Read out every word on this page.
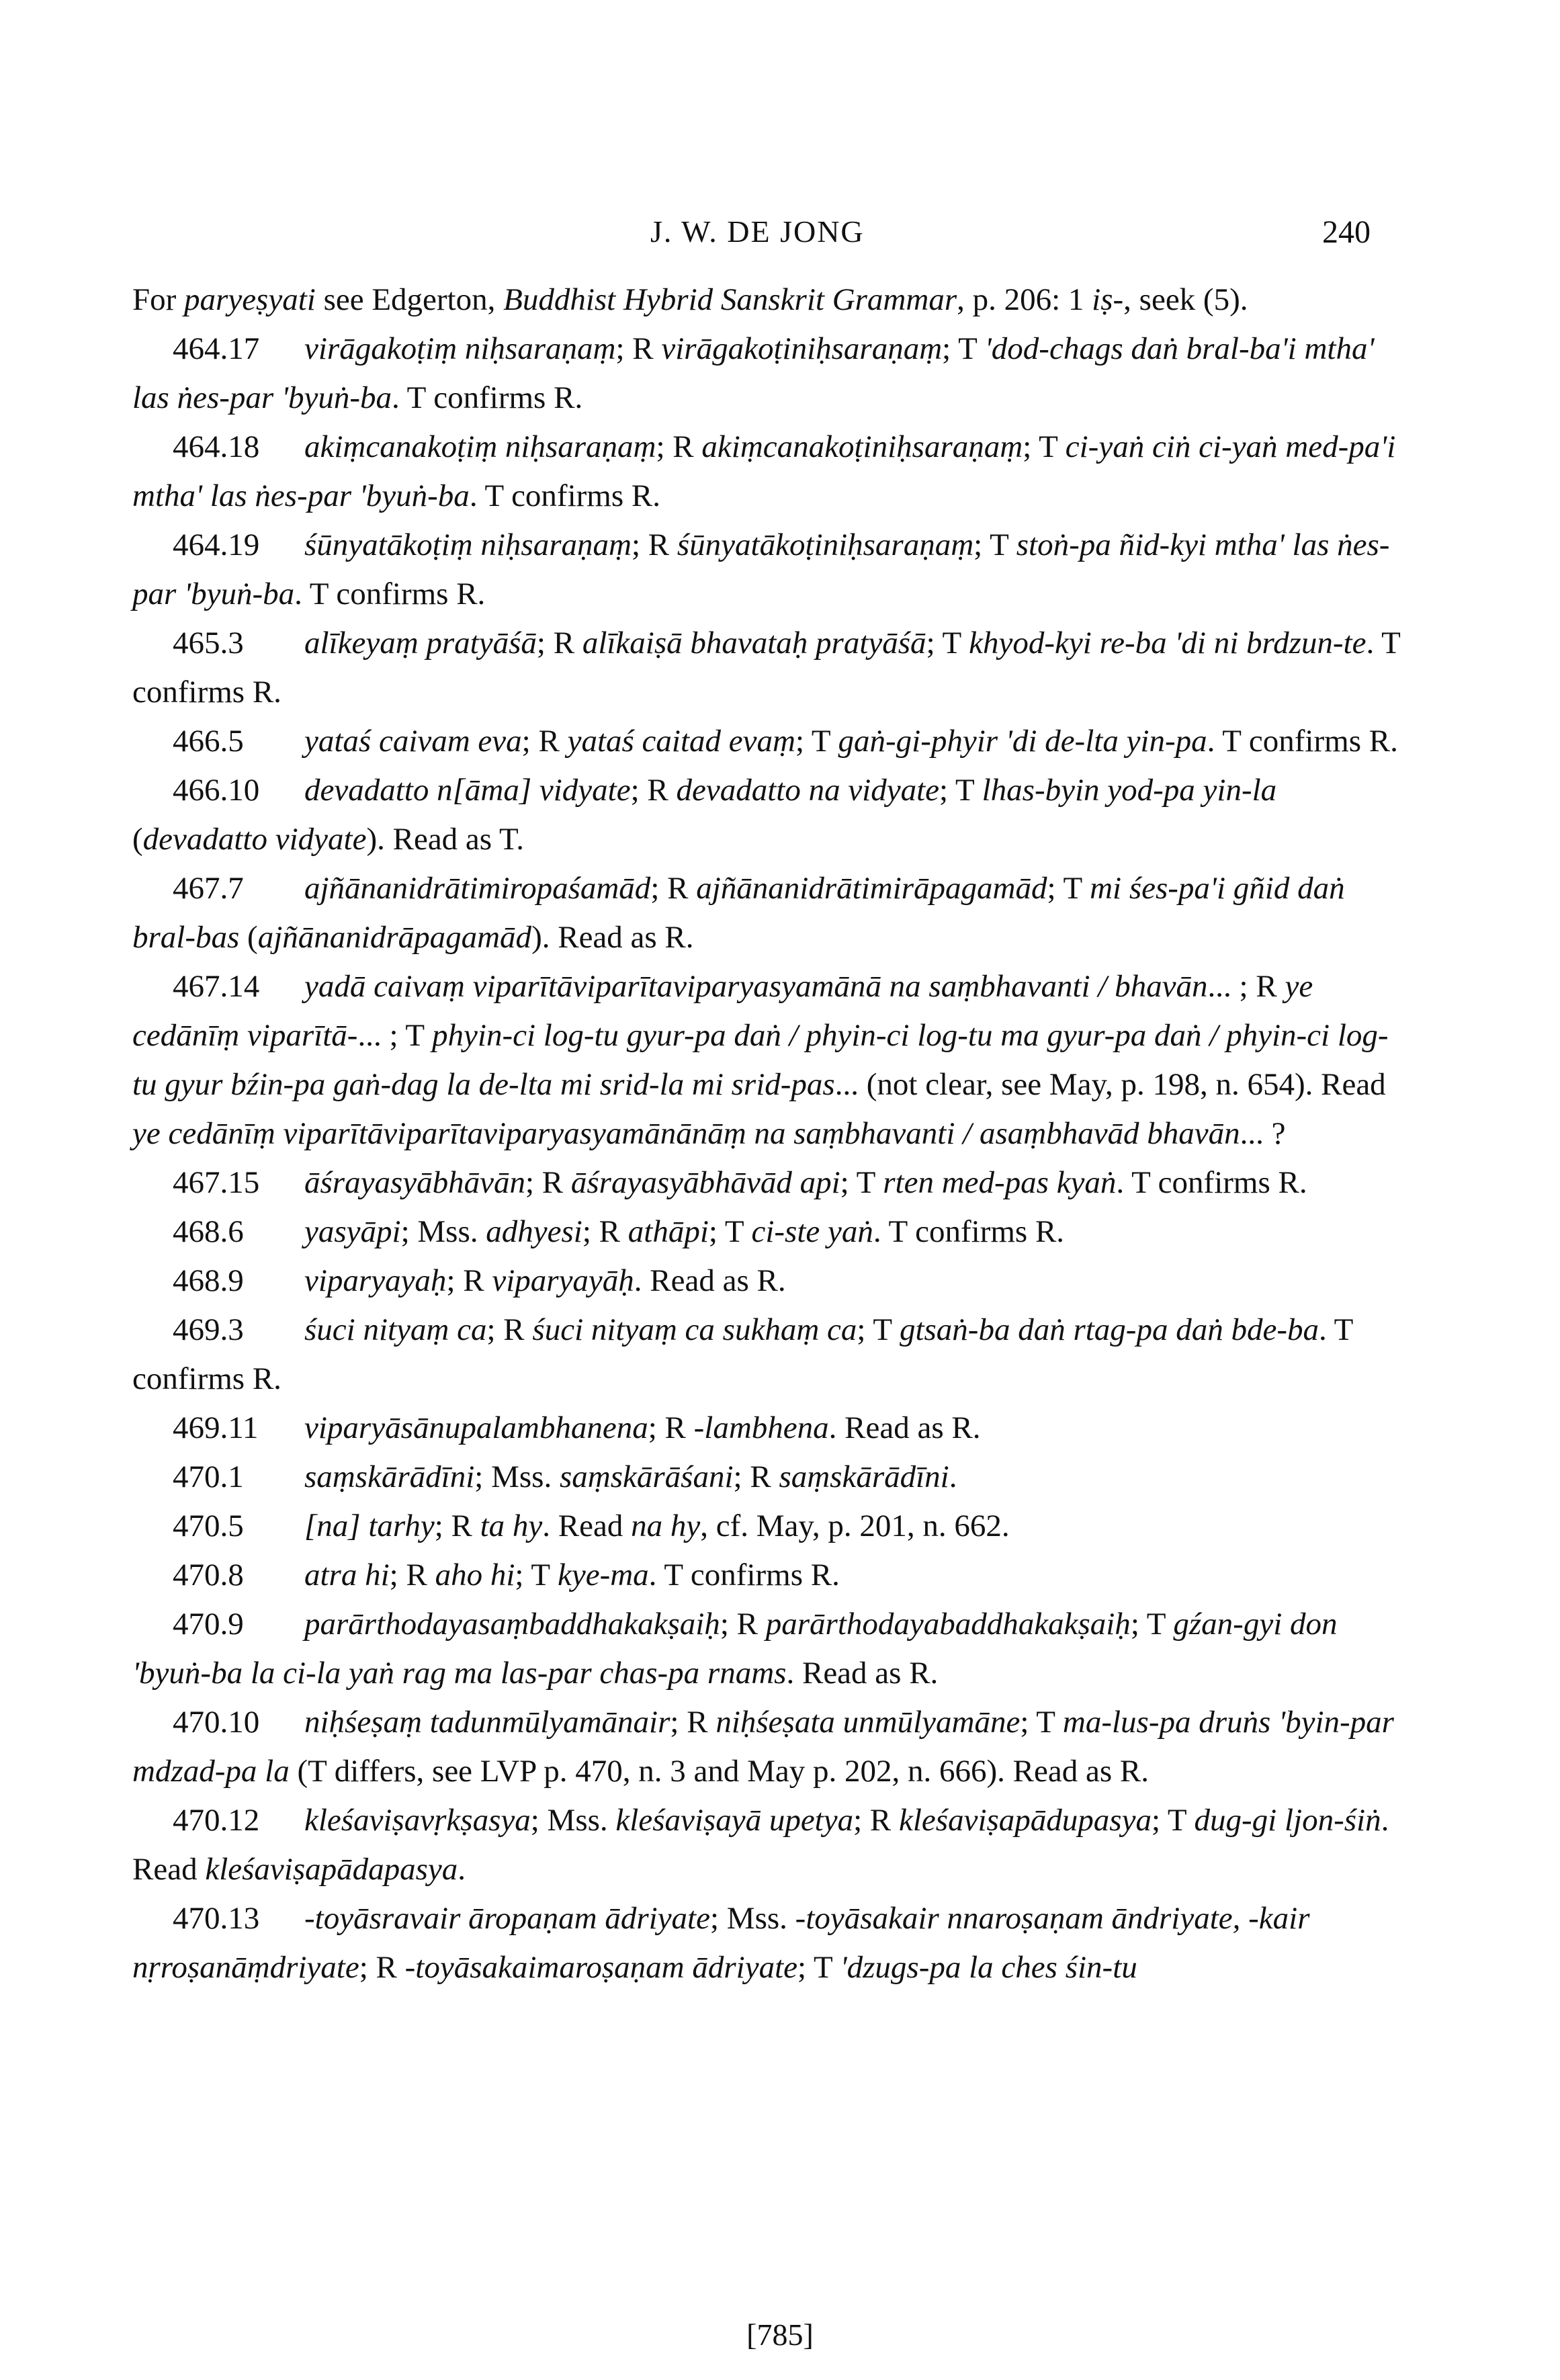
J. W. DE JONG	240

For paryeṣyati see Edgerton, Buddhist Hybrid Sanskrit Grammar, p. 206: 1 iṣ-, seek (5).

464.17 virāgakoṭiṃ niḥsaraṇaṃ; R virāgakoṭiniḥsaraṇaṃ; T 'dod-chags daṅ bral-ba'i mtha' las ṅes-par 'byuṅ-ba. T confirms R.

464.18 akiṃcanakoṭiṃ niḥsaraṇaṃ; R akiṃcanakoṭiniḥsaraṇaṃ; T ci-yaṅ ciṅ ci-yaṅ med-pa'i mtha' las ṅes-par 'byuṅ-ba. T confirms R.

464.19 śūnyatākoṭiṃ niḥsaraṇaṃ; R śūnyatākoṭiniḥsaraṇaṃ; T stoṅ-pa ñid-kyi mtha' las ṅes-par 'byuṅ-ba. T confirms R.

465.3 alīkeyaṃ pratyāśā; R alīkaiṣā bhavataḥ pratyāśā; T khyod-kyi re-ba 'di ni brdzun-te. T confirms R.

466.5 yataś caivam eva; R yataś caitad evaṃ; T gaṅ-gi-phyir 'di de-lta yin-pa. T confirms R.

466.10 devadatto n[āma] vidyate; R devadatto na vidyate; T lhas-byin yod-pa yin-la (devadatto vidyate). Read as T.

467.7 ajñānanidrātimiropaśamād; R ajñānanidrātimirāpagamād; T mi śes-pa'i gñid daṅ bral-bas (ajñānanidrāpagamād). Read as R.

467.14 yadā caivaṃ viparītāviparītaviparyasyamānā na saṃbhavanti / bhavān... ; R ye cedānīṃ viparītā-... ; T phyin-ci log-tu gyur-pa daṅ / phyin-ci log-tu ma gyur-pa daṅ / phyin-ci log-tu gyur bźin-pa gaṅ-dag la de-lta mi srid-la mi srid-pas... (not clear, see May, p. 198, n. 654). Read ye cedānīṃ viparītāviparītaviparyasyamānānāṃ na saṃbhavanti / asaṃbhavād bhavān... ?

467.15 āśrayasyābhāvān; R āśrayasyābhāvād api; T rten med-pas kyaṅ. T confirms R.

468.6 yasyāpi; Mss. adhyesi; R athāpi; T ci-ste yaṅ. T confirms R.

468.9 viparyayaḥ; R viparyayāḥ. Read as R.

469.3 śuci nityaṃ ca; R śuci nityaṃ ca sukhaṃ ca; T gtsaṅ-ba daṅ rtag-pa daṅ bde-ba. T confirms R.

469.11 viparyāsānupalambhanena; R -lambhena. Read as R.

470.1 saṃskārādīni; Mss. saṃskārāśani; R saṃskārādīni.

470.5 [na] tarhy; R ta hy. Read na hy, cf. May, p. 201, n. 662.

470.8 atra hi; R aho hi; T kye-ma. T confirms R.

470.9 parārthodayasaṃbaddhakakṣaiḥ; R parārthodayabaddhakakṣaiḥ; T gźan-gyi don 'byuṅ-ba la ci-la yaṅ rag ma las-par chas-pa rnams. Read as R.

470.10 niḥśeṣaṃ tadunmūlyamānair; R niḥśeṣata unmūlyamāne; T ma-lus-pa druṅs 'byin-par mdzad-pa la (T differs, see LVP p. 470, n. 3 and May p. 202, n. 666). Read as R.

470.12 kleśaviṣavṛkṣasya; Mss. kleśaviṣayā upetya; R kleśaviṣapādupasya; T dug-gi ljon-śiṅ. Read kleśaviṣapādapasya.

470.13 -toyāsravair āropaṇam ādriyate; Mss. -toyāsakair nnaroṣaṇam āndriyate, -kair nṛroṣanāṃdriyate; R -toyāsakaimaroṣaṇam ādriyate; T 'dzugs-pa la ches śin-tu

[785]
